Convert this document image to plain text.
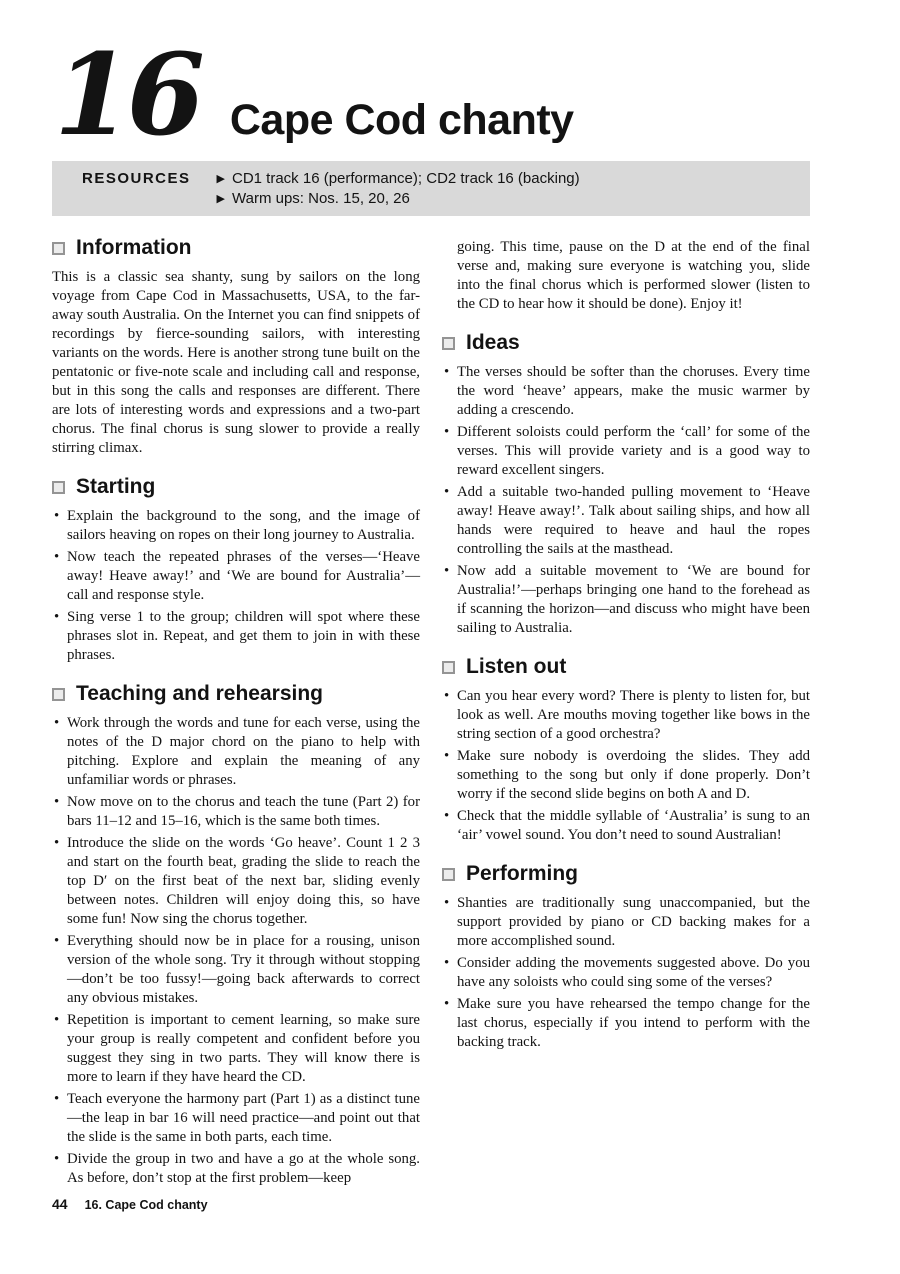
16 Cape Cod chanty
RESOURCES ▶ CD1 track 16 (performance); CD2 track 16 (backing)
▶ Warm ups: Nos. 15, 20, 26
Information

This is a classic sea shanty, sung by sailors on the long voyage from Cape Cod in Massachusetts, USA, to the far-away south Australia. On the Internet you can find snippets of recordings by fierce-sounding sailors, with interesting variants on the words. Here is another strong tune built on the pentatonic or five-note scale and including call and response, but in this song the calls and responses are different. There are lots of interesting words and expressions and a two-part chorus. The final chorus is sung slower to provide a really stirring climax.

Starting
• Explain the background to the song, and the image of sailors heaving on ropes on their long journey to Australia.
• Now teach the repeated phrases of the verses—‘Heave away! Heave away!’ and ‘We are bound for Australia’—call and response style.
• Sing verse 1 to the group; children will spot where these phrases slot in. Repeat, and get them to join in with these phrases.
Teaching and rehearsing
• Work through the words and tune for each verse, using the notes of the D major chord on the piano to help with pitching. Explore and explain the meaning of any unfamiliar words or phrases.
• Now move on to the chorus and teach the tune (Part 2) for bars 11–12 and 15–16, which is the same both times.
• Introduce the slide on the words ‘Go heave’. Count 1 2 3 and start on the fourth beat, grading the slide to reach the top D′ on the first beat of the next bar, sliding evenly between notes. Children will enjoy doing this, so have some fun! Now sing the chorus together.
• Everything should now be in place for a rousing, unison version of the whole song. Try it through without stopping—don’t be too fussy!—going back afterwards to correct any obvious mistakes.
• Repetition is important to cement learning, so make sure your group is really competent and confident before you suggest they sing in two parts. They will know there is more to learn if they have heard the CD.
• Teach everyone the harmony part (Part 1) as a distinct tune—the leap in bar 16 will need practice—and point out that the slide is the same in both parts, each time.
• Divide the group in two and have a go at the whole song. As before, don’t stop at the first problem—keep

going. This time, pause on the D at the end of the final verse and, making sure everyone is watching you, slide into the final chorus which is performed slower (listen to the CD to hear how it should be done). Enjoy it!

Ideas
• The verses should be softer than the choruses. Every time the word ‘heave’ appears, make the music warmer by adding a crescendo.
• Different soloists could perform the ‘call’ for some of the verses. This will provide variety and is a good way to reward excellent singers.
• Add a suitable two-handed pulling movement to ‘Heave away! Heave away!’. Talk about sailing ships, and how all hands were required to heave and haul the ropes controlling the sails at the masthead.
• Now add a suitable movement to ‘We are bound for Australia!’—perhaps bringing one hand to the forehead as if scanning the horizon—and discuss who might have been sailing to Australia.
Listen out
• Can you hear every word? There is plenty to listen for, but look as well. Are mouths moving together like bows in the string section of a good orchestra?
• Make sure nobody is overdoing the slides. They add something to the song but only if done properly. Don’t worry if the second slide begins on both A and D.
• Check that the middle syllable of ‘Australia’ is sung to an ‘air’ vowel sound. You don’t need to sound Australian!
Performing
• Shanties are traditionally sung unaccompanied, but the support provided by piano or CD backing makes for a more accomplished sound.
• Consider adding the movements suggested above. Do you have any soloists who could sing some of the verses?
• Make sure you have rehearsed the tempo change for the last chorus, especially if you intend to perform with the backing track.
44 16. Cape Cod chanty
